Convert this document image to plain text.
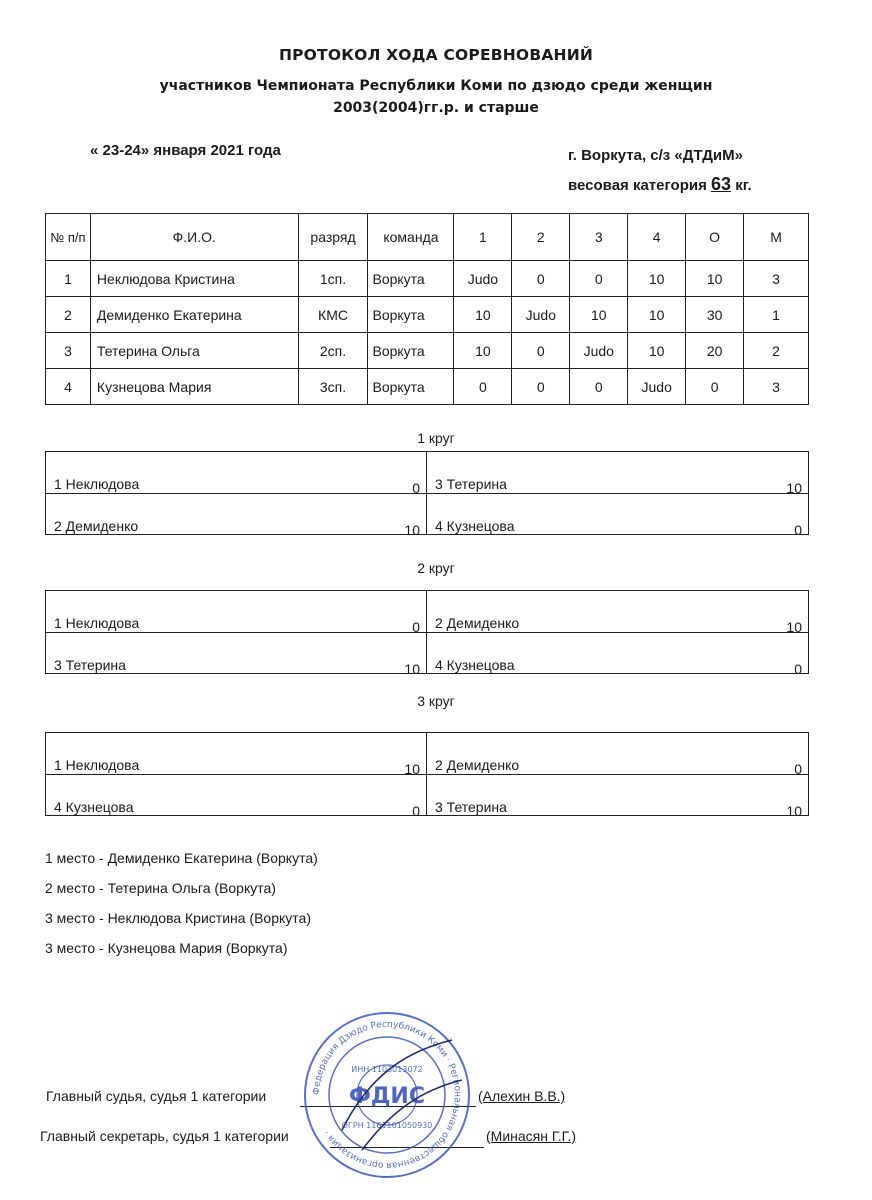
ПРОТОКОЛ ХОДА СОРЕВНОВАНИЙ
участников Чемпионата Республики Коми по дзюдо среди женщин
2003(2004)гг.р. и старше
« 23-24» января 2021 года	г. Воркута, с/з «ДТДиМ»
весовая категория 63 кг.
№ п/п	Ф.И.О.	разряд	команда	1	2	3	4	О	М
1	Неклюдова Кристина	1сп.	Воркута	Judo	0	0	10	10	3
2	Демиденко Екатерина	КМС	Воркута	10	Judo	10	10	30	1
3	Тетерина Ольга	2сп.	Воркута	10	0	Judo	10	20	2
4	Кузнецова Мария	3сп.	Воркута	0	0	0	Judo	0	3
1 круг
1 Неклюдова	0 3 Тетерина	10
2 Демиденко	10 4 Кузнецова	0
2 круг
1 Неклюдова	0 2 Демиденко	10
3 Тетерина	10 4 Кузнецова	0
3 круг
1 Неклюдова	10 2 Демиденко	0
4 Кузнецова	0 3 Тетерина	10
1 место - Демиденко Екатерина (Воркута)
2 место - Тетерина Ольга (Воркута)
3 место - Неклюдова Кристина (Воркута)
3 место - Кузнецова Мария (Воркута)
Главный судья, судья 1 категории	(Алехин В.В.)
Главный секретарь, судья 1 категории	(Минасян Г.Г.)
Федерация Дзюдо Республики Коми · Региональная общественная организация ·
ИНН 1103013072
ФДИС
ОГРН 1161101050930
